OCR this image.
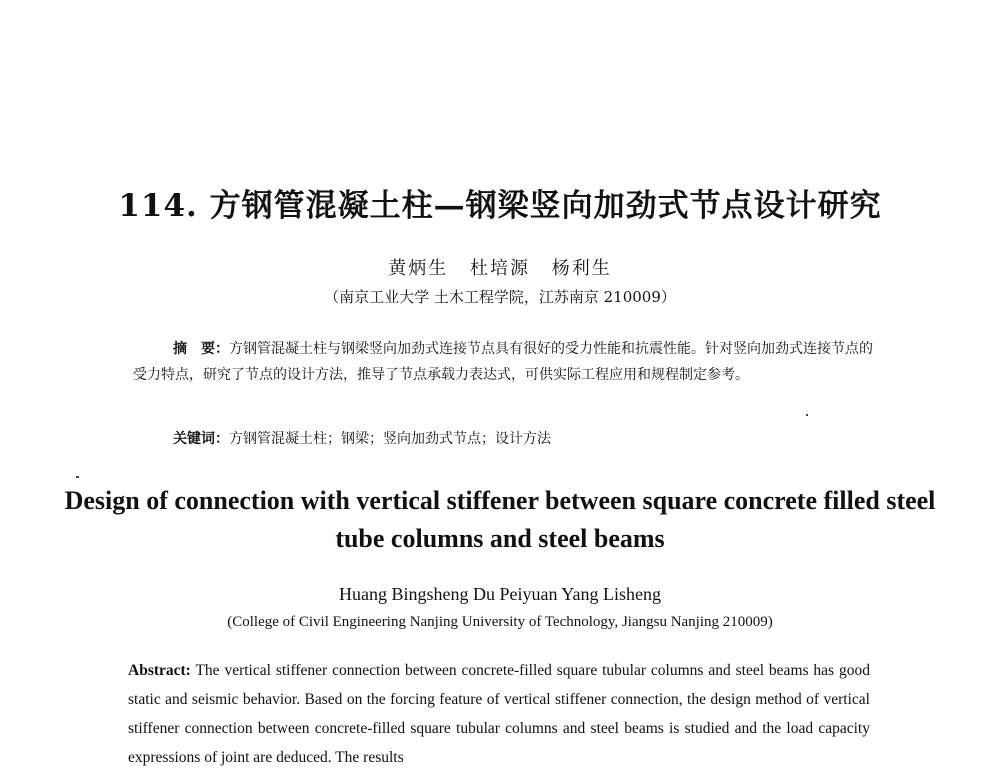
114. 方钢管混凝土柱—钢梁竖向加劲式节点设计研究
黄炳生 杜培源 杨利生
（南京工业大学 土木工程学院，江苏南京 210009）

摘　要：方钢管混凝土柱与钢梁竖向加劲式连接节点具有很好的受力性能和抗震性能。针对竖向加劲式连接节点的受力特点，研究了节点的设计方法，推导了节点承载力表达式，可供实际工程应用和规程制定参考。

关键词：方钢管混凝土柱；钢梁；竖向加劲式节点；设计方法

Design of connection with vertical stiffener between square concrete filled steel tube columns and steel beams
Huang Bingsheng Du Peiyuan Yang Lisheng
(College of Civil Engineering Nanjing University of Technology, Jiangsu Nanjing 210009)

Abstract: The vertical stiffener connection between concrete-filled square tubular columns and steel beams has good static and seismic behavior. Based on the forcing feature of vertical stiffener connection, the design method of vertical stiffener connection between concrete-filled square tubular columns and steel beams is studied and the load capacity expressions of joint are deduced. The results
